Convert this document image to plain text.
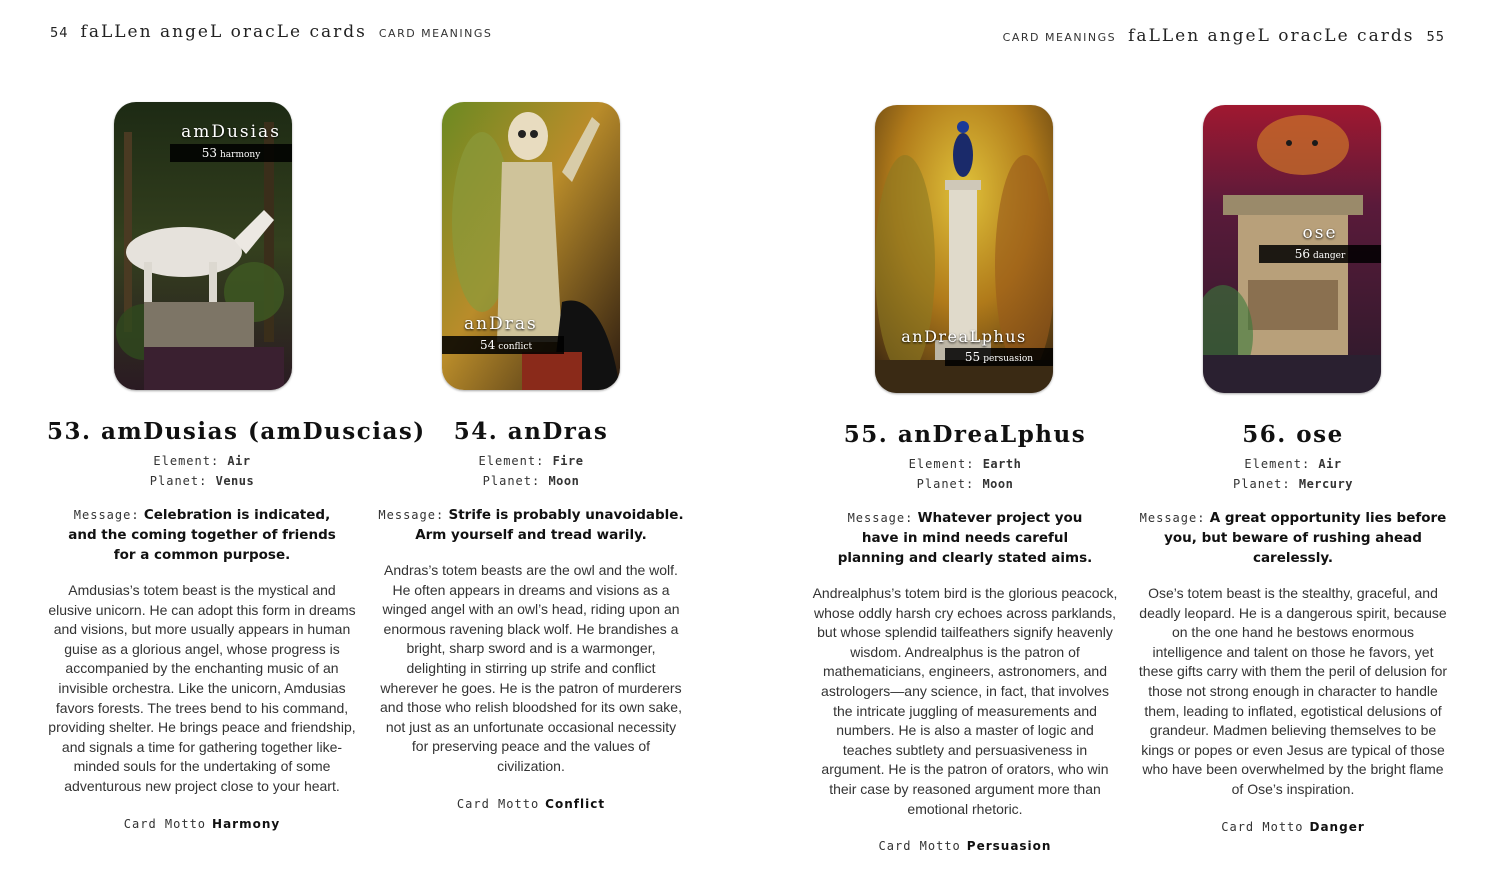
54 faLLen angeL oracLe cards CARD MEANINGS	CARD MEANINGS faLLen angeL oracLe cards 55
amDusias
53 harmony
anDras
54 conflict
anDreaLphus
55 persuasion
ose
56 danger
53. amDusias (amDuscias)
Element: Air
Planet: Venus
Message: Celebration is indicated, and the coming together of friends for a common purpose.
Amdusias’s totem beast is the mystical and elusive unicorn. He can adopt this form in dreams and visions, but more usually appears in human guise as a glorious angel, whose progress is accompanied by the enchanting music of an invisible orchestra. Like the unicorn, Amdusias favors forests. The trees bend to his command, providing shelter. He brings peace and friendship, and signals a time for gathering together like-minded souls for the undertaking of some adventurous new project close to your heart.
Card Motto Harmony
54. anDras
Element: Fire
Planet: Moon
Message: Strife is probably unavoidable. Arm yourself and tread warily.
Andras’s totem beasts are the owl and the wolf. He often appears in dreams and visions as a winged angel with an owl’s head, riding upon an enormous ravening black wolf. He brandishes a bright, sharp sword and is a warmonger, delighting in stirring up strife and conflict wherever he goes. He is the patron of murderers and those who relish bloodshed for its own sake, not just as an unfortunate occasional necessity for preserving peace and the values of civilization.
Card Motto Conflict
55. anDreaLphus
Element: Earth
Planet: Moon
Message: Whatever project you have in mind needs careful planning and clearly stated aims.
Andrealphus’s totem bird is the glorious peacock, whose oddly harsh cry echoes across parklands, but whose splendid tailfeathers signify heavenly wisdom. Andrealphus is the patron of mathematicians, engineers, astronomers, and astrologers—any science, in fact, that involves the intricate juggling of measurements and numbers. He is also a master of logic and teaches subtlety and persuasiveness in argument. He is the patron of orators, who win their case by reasoned argument more than emotional rhetoric.
Card Motto Persuasion
56. ose
Element: Air
Planet: Mercury
Message: A great opportunity lies before you, but beware of rushing ahead carelessly.
Ose’s totem beast is the stealthy, graceful, and deadly leopard. He is a dangerous spirit, because on the one hand he bestows enormous intelligence and talent on those he favors, yet these gifts carry with them the peril of delusion for those not strong enough in character to handle them, leading to inflated, egotistical delusions of grandeur. Madmen believing themselves to be kings or popes or even Jesus are typical of those who have been overwhelmed by the bright flame of Ose’s inspiration.
Card Motto Danger
